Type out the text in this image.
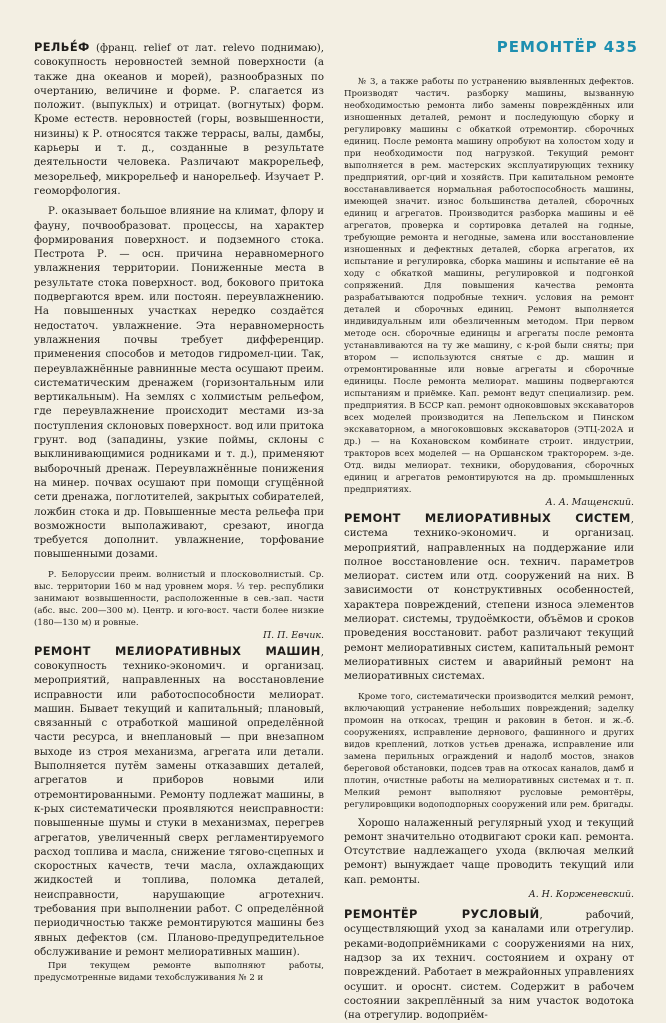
РЕМОНТЁР 435

РЕЛЬЕ́Ф (франц. relief от лат. relevo поднимаю), совокупность неровностей земной поверхности (а также дна океанов и морей), разнообразных по очертанию, величине и форме. Р. слагается из положит. (выпуклых) и отрицат. (вогнутых) форм. Кроме естеств. неровностей (горы, возвышенности, низины) к Р. относятся также террасы, валы, дамбы, карьеры и т. д., созданные в результате деятельности человека. Различают макрорельеф, мезорельеф, микрорельеф и нанорельеф. Изучает Р. геоморфология.

Р. оказывает большое влияние на климат, флору и фауну, почвообразоват. процессы, на характер формирования поверхност. и подземного стока. Пестрота Р. — осн. причина неравномерного увлажнения территории. Пониженные места в результате стока поверхност. вод, бокового притока подвергаются врем. или постоян. переувлажнению. На повышенных участках нередко создаётся недостаточ. увлажнение. Эта неравномерность увлажнения почвы требует дифференцир. применения способов и методов гидромел-ции. Так, переувлажнённые равнинные места осушают преим. систематическим дренажем (горизонтальным или вертикальным). На землях с холмистым рельефом, где переувлажнение происходит местами из-за поступления склоновых поверхност. вод или притока грунт. вод (западины, узкие поймы, склоны с выклинивающимися родниками и т. д.), применяют выборочный дренаж. Переувлажнённые понижения на минер. почвах осушают при помощи сгущённой сети дренажа, поглотителей, закрытых собирателей, ложбин стока и др. Повышенные места рельефа при возможности выполаживают, срезают, иногда требуется дополнит. увлажнение, торфование повышенными дозами.

Р. Белоруссии преим. волнистый и плосковолнистый. Ср. выс. территории 160 м над уровнем моря. ⅓ тер. республики занимают возвышенности, расположенные в сев.-зап. части (абс. выс. 200—300 м). Центр. и юго-вост. части более низкие (180—130 м) и ровные.

П. П. Евчик.

РЕМОНТ МЕЛИОРАТИВНЫХ МАШИН, совокупность технико-экономич. и организац. мероприятий, направленных на восстановление исправности или работоспособности мелиорат. машин. Бывает текущий и капитальный; плановый, связанный с отработкой машиной определённой части ресурса, и внеплановый — при внезапном выходе из строя механизма, агрегата или детали. Выполняется путём замены отказавших деталей, агрегатов и приборов новыми или отремонтированными. Ремонту подлежат машины, в к-рых систематически проявляются неисправности: повышенные шумы и стуки в механизмах, перегрев агрегатов, увеличенный сверх регламентируемого расход топлива и масла, снижение тягово-сцепных и скоростных качеств, течи масла, охлаждающих жидкостей и топлива, поломка деталей, неисправности, нарушающие агротехнич. требования при выполнении работ. С определённой периодичностью также ремонтируются машины без явных дефектов (см. Планово-предупредительное обслуживание и ремонт мелиоративных машин).

При текущем ремонте выполняют работы, предусмотренные видами техобслуживания № 2 и

№ 3, а также работы по устранению выявленных дефектов. Производят частич. разборку машины, вызванную необходимостью ремонта либо замены повреждённых или изношенных деталей, ремонт и последующую сборку и регулировку машины с обкаткой отремонтир. сборочных единиц. После ремонта машину опробуют на холостом ходу и при необходимости под нагрузкой. Текущий ремонт выполняется в рем. мастерских эксплуатирующих технику предприятий, орг-ций и хозяйств. При капитальном ремонте восстанавливается нормальная работоспособность машины, имеющей значит. износ большинства деталей, сборочных единиц и агрегатов. Производится разборка машины и её агрегатов, проверка и сортировка деталей на годные, требующие ремонта и негодные, замена или восстановление изношенных и дефектных деталей, сборка агрегатов, их испытание и регулировка, сборка машины и испытание её на ходу с обкаткой машины, регулировкой и подгонкой сопряжений. Для повышения качества ремонта разрабатываются подробные технич. условия на ремонт деталей и сборочных единиц. Ремонт выполняется индивидуальным или обезличенным методом. При первом методе осн. сборочные единицы и агрегаты после ремонта устанавливаются на ту же машину, с к-рой были сняты; при втором — используются снятые с др. машин и отремонтированные или новые агрегаты и сборочные единицы. После ремонта мелиорат. машины подвергаются испытаниям и приёмке. Кап. ремонт ведут специализир. рем. предприятия. В БССР кап. ремонт одноковшовых экскаваторов всех моделей производится на Лепельском и Пинском экскаваторном, а многоковшовых экскаваторов (ЭТЦ-202А и др.) — на Кохановском комбинате строит. индустрии, тракторов всех моделей — на Оршанском тракторорем. з-де. Отд. виды мелиорат. техники, оборудования, сборочных единиц и агрегатов ремонтируются на др. промышленных предприятиях.

А. А. Мащенский.

РЕМОНТ МЕЛИОРАТИВНЫХ СИСТЕМ, система технико-экономич. и организац. мероприятий, направленных на поддержание или полное восстановление осн. технич. параметров мелиорат. систем или отд. сооружений на них. В зависимости от конструктивных особенностей, характера повреждений, степени износа элементов мелиорат. системы, трудоёмкости, объёмов и сроков проведения восстановит. работ различают текущий ремонт мелиоративных систем, капитальный ремонт мелиоративных систем и аварийный ремонт на мелиоративных системах.

Кроме того, систематически производится мелкий ремонт, включающий устранение небольших повреждений; заделку промоин на откосах, трещин и раковин в бетон. и ж.-б. сооружениях, исправление дернового, фашинного и других видов креплений, лотков устьев дренажа, исправление или замена перильных ограждений и надолб мостов, знаков береговой обстановки, подсев трав на откосах каналов, дамб и плотин, очистные работы на мелиоративных системах и т. п. Мелкий ремонт выполняют русловые ремонтёры, регулировщики водоподпорных сооружений или рем. бригады.

Хорошо налаженный регулярный уход и текущий ремонт значительно отодвигают сроки кап. ремонта. Отсутствие надлежащего ухода (включая мелкий ремонт) вынуждает чаще проводить текущий или кап. ремонты.

А. Н. Корженевский.

РЕМОНТЁР РУСЛОВЫЙ, рабочий, осуществляющий уход за каналами или отрегулир. реками-водоприёмниками с сооружениями на них, надзор за их технич. состоянием и охрану от повреждений. Работает в межрайонных управлениях осушит. и ороснт. систем. Содержит в рабочем состоянии закреплённый за ним участок водотока (на отрегулир. водоприём-
